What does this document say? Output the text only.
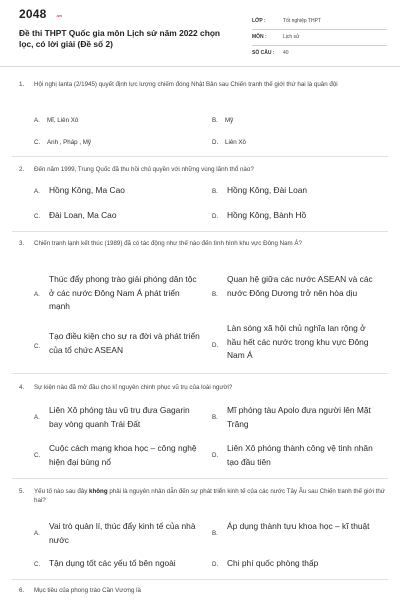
2048 .vn
Đề thi THPT Quốc gia môn Lịch sử năm 2022 chọn lọc, có lời giải (Đề số 2)
LỚP :	Tốt nghiệp THPT
MÔN :	Lịch sử
SỐ CÂU : 40
1. Hội nghị Ianta (2/1945) quyết định lực lượng chiếm đóng Nhật Bản sau Chiến tranh thế giới thứ hai là quân đội
A. Mĩ, Liên Xô	B. Mỹ
C. Anh , Pháp , Mỹ	D. Liên Xô
2. Đến năm 1999, Trung Quốc đã thu hồi chủ quyền với những vùng lãnh thổ nào?
A. Hồng Kông, Ma Cao	B. Hồng Kông, Đài Loan
C. Đài Loan, Ma Cao	D. Hồng Kông, Bành Hồ
3. Chiến tranh lạnh kết thúc (1989) đã có tác động như thế nào đến tình hình khu vực Đông Nam Á?
A.
Thúc đẩy phong trào giải phóng dân tộc ở các nước Đông Nam Á phát triển mạnh
B.
Quan hệ giữa các nước ASEAN và các nước Đông Dương trở nên hòa dịu
C.
Tạo điều kiện cho sự ra đời và phát triển của tổ chức ASEAN	D.
Làn sóng xã hội chủ nghĩa lan rộng ở hầu hết các nước trong khu vực Đông Nam Á
4. Sự kiện nào đã mở đầu cho kỉ nguyên chinh phục vũ trụ của loài người?
A.
Liên Xô phóng tàu vũ trụ đưa Gagarin bay vòng quanh Trái Đất
B.
Mĩ phóng tàu Apolo đưa người lên Mặt Trăng
C.
Cuộc cách mạng khoa học – công nghệ hiện đại bùng nổ
D.
Liên Xô phóng thành công vệ tinh nhân tạo đầu tiên
5. Yếu tố nào sau đây không phải là nguyên nhân dẫn đến sự phát triển kinh tế của các nước Tây Âu sau Chiến tranh thế giới thứ hai?
A.
Vai trò quản lí, thúc đẩy kinh tế của nhà nước
B.
Áp dụng thành tựu khoa học – kĩ thuật
C. Tận dụng tốt các yếu tố bên ngoài	D. Chi phí quốc phòng thấp
6. Mục tiêu của phong trào Cần Vương là
